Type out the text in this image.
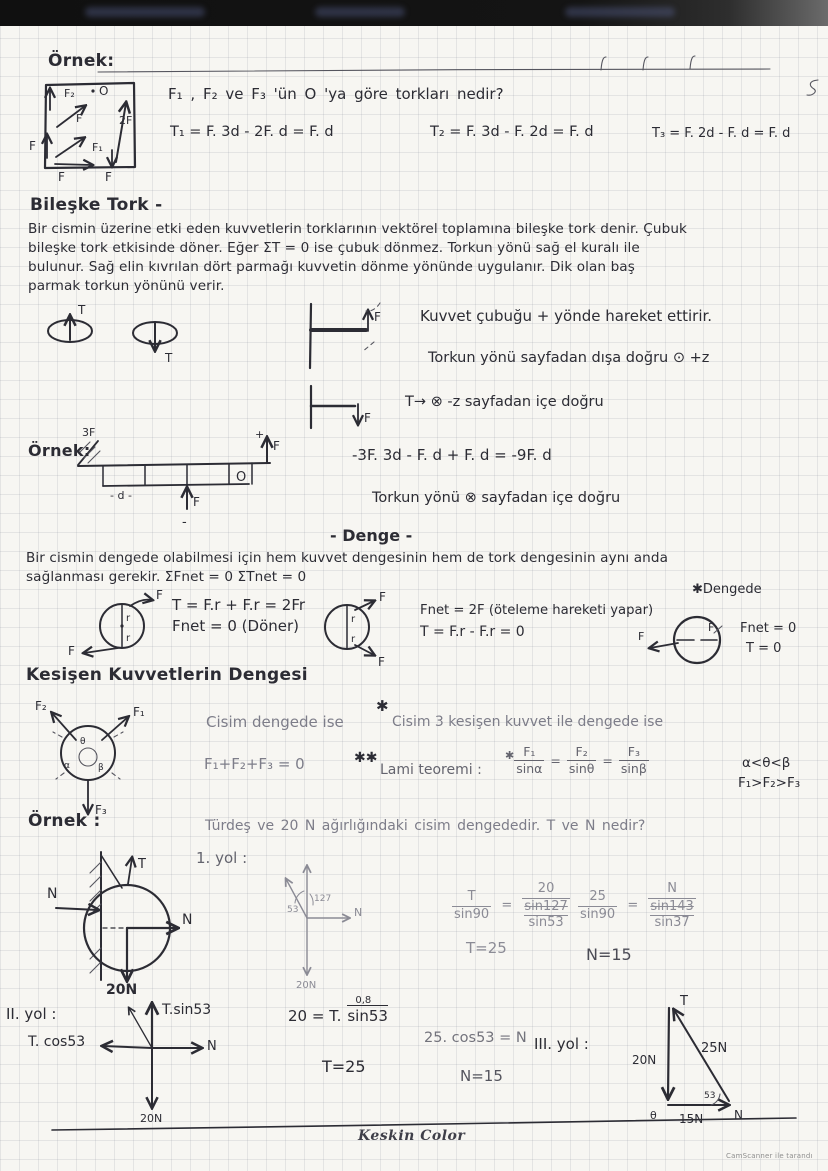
F₂ O
F
F	F₁
2F
F	F
T
T
F
F
3F
O
F
+
F
-
- d -
r
r
F
F
r
r
F
F
F
F
F₂	F₁
F₃
θ
α	β
T
N
N
20N
53
127
N
20N
T.sin53
T. cos53	N
20N
T
25N
20N
15N	N
53
θ
Örnek:
F₁ , F₂ ve F₃ 'ün O 'ya göre torkları nedir?
T₁ = F. 3d - 2F. d = F. d	T₂ = F. 3d - F. 2d = F. d	T₃ = F. 2d - F. d = F. d
Bileşke Tork -
Bir cismin üzerine etki eden kuvvetlerin torklarının vektörel toplamına bileşke tork denir. Çubuk
bileşke tork etkisinde döner. Eğer ΣT = 0 ise çubuk dönmez. Torkun yönü sağ el kuralı ile
bulunur. Sağ elin kıvrılan dört parmağı kuvvetin dönme yönünde uygulanır. Dik olan baş
parmak torkun yönünü verir.
Kuvvet çubuğu + yönde hareket ettirir.
Torkun yönü sayfadan dışa doğru ⊙ +z
T→ ⊗ -z sayfadan içe doğru
Örnek:	-3F. 3d - F. d + F. d = -9F. d
Torkun yönü ⊗ sayfadan içe doğru
- Denge -
Bir cismin dengede olabilmesi için hem kuvvet dengesinin hem de tork dengesinin aynı anda
sağlanması gerekir. ΣFnet = 0 ΣTnet = 0
✱Dengede
T = F.r + F.r = 2Fr
Fnet = 0 (Döner)
Fnet = 2F (öteleme hareketi yapar)
T = F.r - F.r = 0	Fnet = 0
T = 0
Kesişen Kuvvetlerin Dengesi
Cisim dengede ise
F₁+F₂+F₃ = 0
✱
Cisim 3 kesişen kuvvet ile dengede ise
✱✱
Lami teoremi :
$^✱ \frac{\text{F₁}}{\sin\alpha} = \frac{\text{F₂}}{\sin\theta} = \frac{\text{F₃}}{\sin\beta}$	α<θ<β
F₁>F₂>F₃
Örnek :	Türdeş ve 20 N ağırlığındaki cisim dengededir. T ve N nedir?
1. yol :
$\frac{T}{\sin 90} = 20$
sin127
sin53
T=25
$\frac{25}{\sin 90} = N$
sin143
sin37
N=15
II. yol :	20 = T.
0,8
sin53
T=25
25. cos53 = N
N=15
III. yol :
Keskin Color
CamScanner ile tarandı
